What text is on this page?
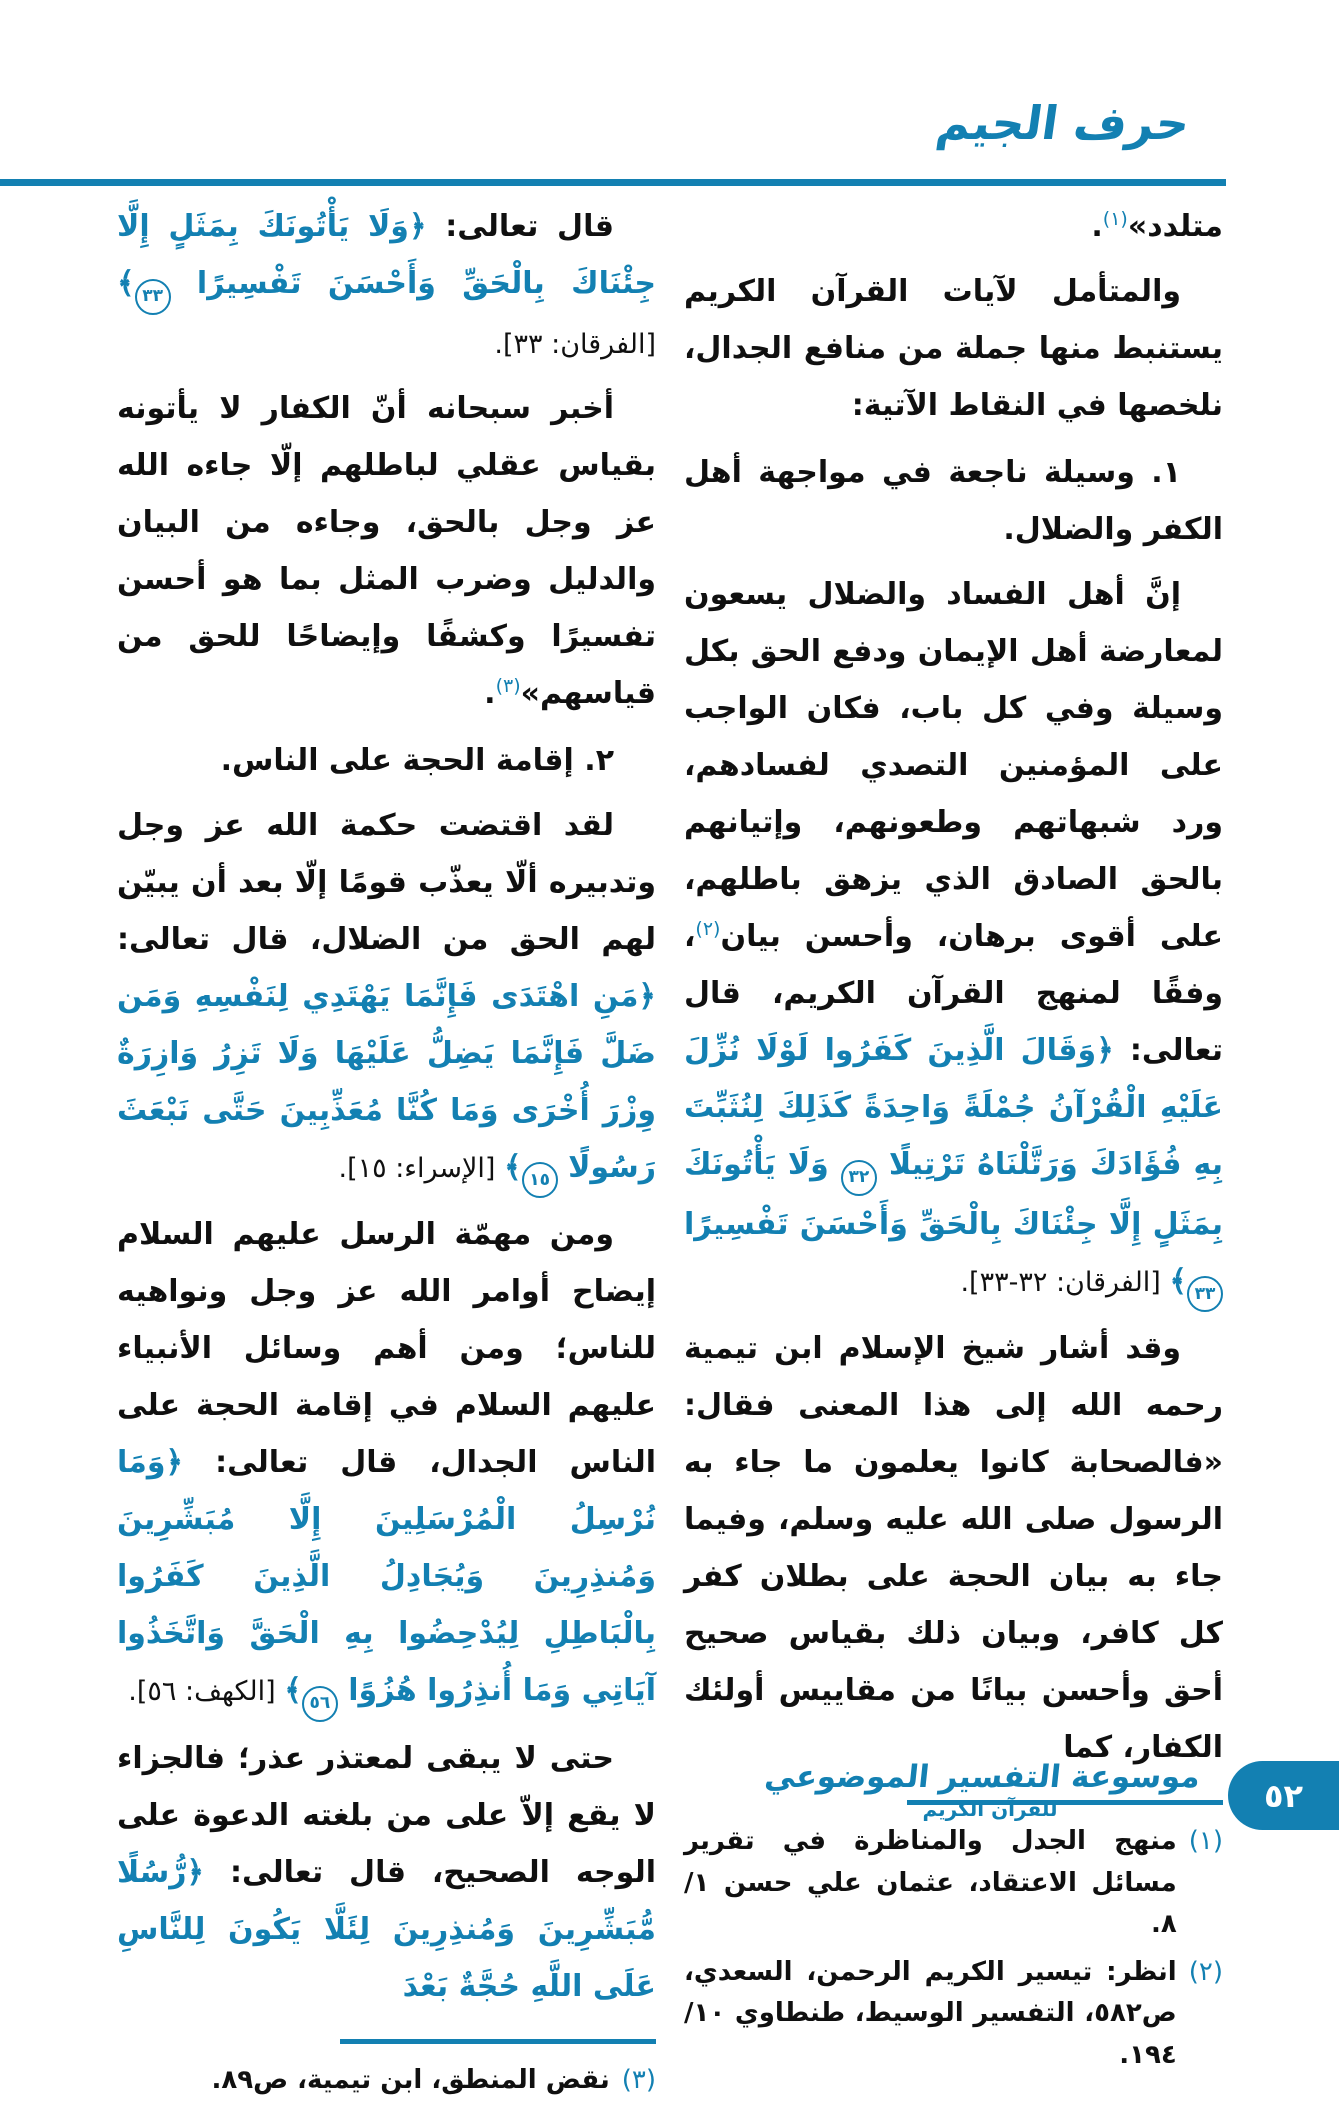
حرف الجيم

متلدد»$^{(١)}$.

والمتأمل لآيات القرآن الكريم يستنبط منها جملة من منافع الجدال، نلخصها في النقاط الآتية:

١. وسيلة ناجعة في مواجهة أهل الكفر والضلال.

إنَّ أهل الفساد والضلال يسعون لمعارضة أهل الإيمان ودفع الحق بكل وسيلة وفي كل باب، فكان الواجب على المؤمنين التصدي لفسادهم، ورد شبهاتهم وطعونهم، وإتيانهم بالحق الصادق الذي يزهق باطلهم، على أقوى برهان، وأحسن بيان$^{(٢)}$، وفقًا لمنهج القرآن الكريم، قال تعالى: ﴿وَقَالَ الَّذِينَ كَفَرُوا لَوْلَا نُزِّلَ عَلَيْهِ الْقُرْآنُ جُمْلَةً وَاحِدَةً كَذَلِكَ لِنُثَبِّتَ بِهِ فُؤَادَكَ وَرَتَّلْنَاهُ تَرْتِيلًا ٣٢ وَلَا يَأْتُونَكَ بِمَثَلٍ إِلَّا جِئْنَاكَ بِالْحَقِّ وَأَحْسَنَ تَفْسِيرًا ٣٣﴾ [الفرقان: ٣٢-٣٣].

وقد أشار شيخ الإسلام ابن تيمية رحمه الله إلى هذا المعنى فقال: «فالصحابة كانوا يعلمون ما جاء به الرسول صلى الله عليه وسلم، وفيما جاء به بيان الحجة على بطلان كفر كل كافر، وبيان ذلك بقياس صحيح أحق وأحسن بيانًا من مقاييس أولئك الكفار، كما

(١)
منهج الجدل والمناظرة في تقرير مسائل الاعتقاد، عثمان علي حسن ١/ ٨.
(٢)
انظر: تيسير الكريم الرحمن، السعدي، ص٥٨٢، التفسير الوسيط، طنطاوي ١٠/ ١٩٤.

قال تعالى: ﴿وَلَا يَأْتُونَكَ بِمَثَلٍ إِلَّا جِئْنَاكَ بِالْحَقِّ وَأَحْسَنَ تَفْسِيرًا ٣٣﴾ [الفرقان: ٣٣].

أخبر سبحانه أنّ الكفار لا يأتونه بقياس عقلي لباطلهم إلّا جاءه الله عز وجل بالحق، وجاءه من البيان والدليل وضرب المثل بما هو أحسن تفسيرًا وكشفًا وإيضاحًا للحق من قياسهم»$^{(٣)}$.

٢. إقامة الحجة على الناس.

لقد اقتضت حكمة الله عز وجل وتدبيره ألّا يعذّب قومًا إلّا بعد أن يبيّن لهم الحق من الضلال، قال تعالى: ﴿مَنِ اهْتَدَى فَإِنَّمَا يَهْتَدِي لِنَفْسِهِ وَمَن ضَلَّ فَإِنَّمَا يَضِلُّ عَلَيْهَا وَلَا تَزِرُ وَازِرَةٌ وِزْرَ أُخْرَى وَمَا كُنَّا مُعَذِّبِينَ حَتَّى نَبْعَثَ رَسُولًا ١٥﴾ [الإسراء: ١٥].

ومن مهمّة الرسل عليهم السلام إيضاح أوامر الله عز وجل ونواهيه للناس؛ ومن أهم وسائل الأنبياء عليهم السلام في إقامة الحجة على الناس الجدال، قال تعالى: ﴿وَمَا نُرْسِلُ الْمُرْسَلِينَ إِلَّا مُبَشِّرِينَ وَمُنذِرِينَ وَيُجَادِلُ الَّذِينَ كَفَرُوا بِالْبَاطِلِ لِيُدْحِضُوا بِهِ الْحَقَّ وَاتَّخَذُوا آيَاتِي وَمَا أُنذِرُوا هُزُوًا ٥٦﴾ [الكهف: ٥٦].

حتى لا يبقى لمعتذر عذر؛ فالجزاء لا يقع إلاّ على من بلغته الدعوة على الوجه الصحيح، قال تعالى: ﴿رُّسُلًا مُّبَشِّرِينَ وَمُنذِرِينَ لِئَلَّا يَكُونَ لِلنَّاسِ عَلَى اللَّهِ حُجَّةٌ بَعْدَ

(٣)
نقض المنطق، ابن تيمية، ص٨٩.
موسوعة التفسير الموضوعي
للقرآن الكريم	٥٢
